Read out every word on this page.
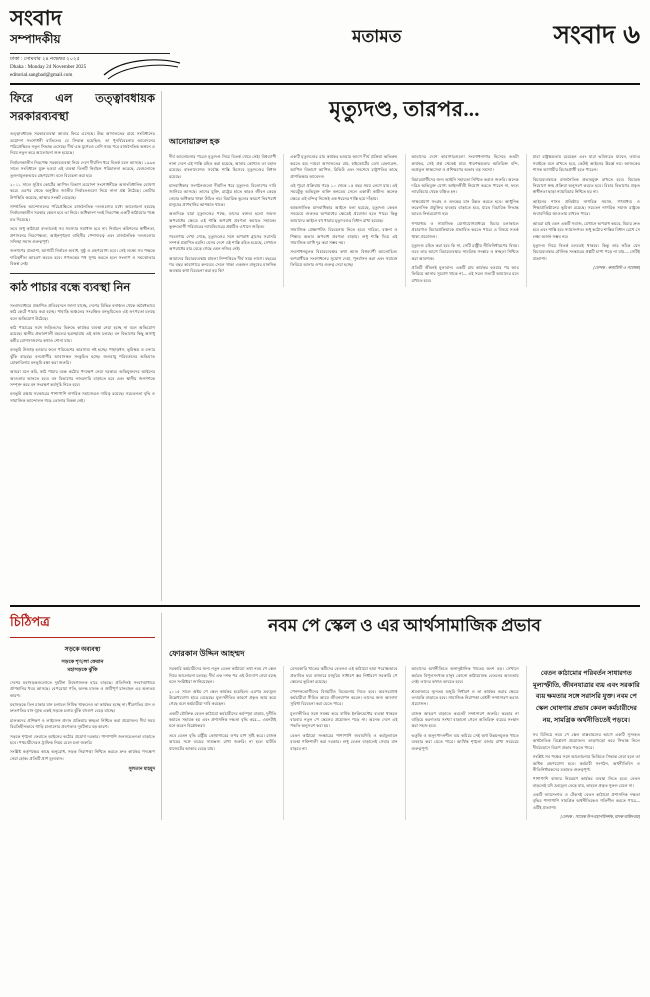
সংবাদ
সম্পাদকীয়
ঢাকা : সোমবার ২৪ নভেম্বর ২০২৫
Dhaka : Monday 24 November 2025
editorial.sangbad@gmail.com
মতামত	সংবাদ ৬
ফিরে এল তত্ত্বাবধায়ক সরকারব্যবস্থা

তত্ত্বাবধায়ক সরকারব্যবস্থা আবার ফিরে এসেছে। উচ্চ আদালতের রায়ে সংবিধানের ত্রয়োদশ সংশোধনী বাতিলের যে সিদ্ধান্ত হয়েছিল, তা পুনর্বিবেচনার আবেদনের পরিপ্রেক্ষিতে নতুন সিদ্ধান্ত এসেছে। দীর্ঘ এক যুগেরও বেশি সময় পরে রাজনৈতিক অঙ্গনে এ নিয়ে নতুন করে আলোচনা শুরু হয়েছে।

নির্বাচনকালীন নিরপেক্ষ সরকারব্যবস্থা নিয়ে দেশে দীর্ঘদিন ধরে বিতর্ক চলে আসছে। ১৯৯৬ সালে সংবিধানে যুক্ত হওয়া এই ব্যবস্থা তিনটি নির্বাচন পরিচালনা করেছে, যেগুলোকে তুলনামূলকভাবে গ্রহণযোগ্য বলে বিবেচনা করা হয়।

২০১১ সালে সুপ্রিম কোর্টের আপিল বিভাগ ত্রয়োদশ সংশোধনীকে অসাংবিধানিক ঘোষণা করে। এরপর থেকে অনুষ্ঠিত জাতীয় নির্বাচনগুলো নিয়ে নানা প্রশ্ন উঠেছে। ভোটার উপস্থিতি কমেছে, আস্থার সংকট বেড়েছে।

সাম্প্রতিক আন্দোলনের পরিপ্রেক্ষিতে রাজনৈতিক দলগুলোর মধ্যে আলোচনা হয়েছে নির্বাচনকালীন সরকার কেমন হবে তা নিয়ে। অধিকাংশ দলই নিরপেক্ষ একটি কাঠামোর পক্ষে মত দিয়েছে।

তবে শুধু কাঠামো বদলালেই সব সমস্যার সমাধান হবে না। নির্বাচন কমিশনের স্বাধীনতা, প্রশাসনের নিরপেক্ষতা, আইনশৃঙ্খলা বাহিনীর পেশাদারত্ব এবং রাজনৈতিক দলগুলোর সদিচ্ছা সমান গুরুত্বপূর্ণ।

জনগণের প্রত্যাশা, আগামী নির্বাচন অবাধ, সুষ্ঠু ও গ্রহণযোগ্য হবে। সেই লক্ষ্যে সব পক্ষকে দায়িত্বশীল আচরণ করতে হবে। গণতন্ত্রের পথ সুগম করতে হলে সংলাপ ও সমঝোতার বিকল্প নেই।

কাঠ পাচার বন্ধে ব্যবস্থা নিন

সংবাদমাধ্যমে প্রকাশিত প্রতিবেদনে জানা যাচ্ছে, দেশের বিভিন্ন বনাঞ্চল থেকে অবৈধভাবে কাঠ কেটে পাচার করা হচ্ছে। পাহাড়ি অঞ্চলের সংরক্ষিত বনভূমিতেও এই তৎপরতা চলছে বলে অভিযোগ উঠেছে।

কাঠ পাচারের সঙ্গে জড়িতদের বিরুদ্ধে কার্যকর ব্যবস্থা নেয়া হচ্ছে না বলে অভিযোগ রয়েছে। স্থানীয় প্রভাবশালী মহলের ছত্রচ্ছায়ায় এই কাজ চলছে। বন বিভাগের কিছু অসাধু কর্মীর যোগসাজশের কথাও শোনা যায়।

বনভূমি উজাড় হওয়ার ফলে পরিবেশের ভারসাম্য নষ্ট হচ্ছে। পাহাড়ধস, ভূমিক্ষয় ও বন্যার ঝুঁকি বাড়ছে। বন্যপ্রাণীর আবাসস্থল সংকুচিত হচ্ছে। জলবায়ু পরিবর্তনের অভিঘাত মোকাবিলায় বনভূমি রক্ষা করা জরুরি।

আমরা মনে করি, কাঠ পাচার বন্ধে কঠোর পদক্ষেপ নেয়া দরকার। অভিযুক্তদের আইনের আওতায় আনতে হবে। বন বিভাগের নজরদারি বাড়াতে হবে এবং স্থানীয় জনগণকে সম্পৃক্ত করে বন সংরক্ষণ কর্মসূচি নিতে হবে।

বনভূমি রক্ষায় সরকারের পাশাপাশি নাগরিক সমাজেরও দায়িত্ব রয়েছে। সচেতনতা বৃদ্ধি ও সামাজিক আন্দোলন গড়ে তোলার বিকল্প নেই।

মৃত্যুদণ্ড, তারপর...
আনোয়ারুল হক

দীর্ঘ আলোচনার পরেও মৃত্যুদণ্ড নিয়ে বিতর্ক থেমে নেই। বিশ্বব্যাপী নানা দেশে এই শাস্তি রহিত করা হয়েছে, আবার কোথাও তা বহাল রয়েছে। বাংলাদেশেও সর্বোচ্চ শাস্তি হিসেবে মৃত্যুদণ্ডের বিধান রয়েছে।

মানবাধিকার সংগঠনগুলো দীর্ঘদিন ধরে মৃত্যুদণ্ড বিলোপের দাবি জানিয়ে আসছে। তাদের যুক্তি, রাষ্ট্রের হাতে কারও জীবন কেড়ে নেয়ার অধিকার থাকা উচিত নয়। বিচারিক ভুলের কারণে নিরপরাধ মানুষের প্রাণহানির আশঙ্কাও থাকে।

অন্যদিকে যারা মৃত্যুদণ্ডের পক্ষে, তাদের বক্তব্য হলো জঘন্য অপরাধের ক্ষেত্রে এই শাস্তি অপরাধ প্রবণতা কমাতে সহায়ক। ভুক্তভোগী পরিবারের ন্যায়বিচারের প্রশ্নটিও এখানে জড়িত।

গবেষণায় দেখা গেছে, মৃত্যুদণ্ডের সঙ্গে অপরাধ হ্রাসের সরাসরি সম্পর্ক প্রমাণিত হয়নি। যেসব দেশে এই শাস্তি রহিত হয়েছে, সেখানে অপরাধের হার বেড়ে গেছে এমন নজির নেই।

আমাদের বিচারব্যবস্থায় মামলা নিষ্পত্তিতে দীর্ঘ সময় লাগে। বছরের পর বছর কারাগারে কনডেম সেলে থাকা একজন মানুষের মানসিক অবস্থার কথা বিবেচনা করা হয় কি?

একটি মৃত্যুদণ্ডের রায় কার্যকর হওয়ার আগে দীর্ঘ প্রক্রিয়া অতিক্রম করতে হয়। দায়রা আদালতের রায়, হাইকোর্টের ডেথ রেফারেন্স, আপিল বিভাগে আপিল, রিভিউ এবং সবশেষে রাষ্ট্রপতির কাছে প্রাণভিক্ষার আবেদন।

এই পুরো প্রক্রিয়ায় গড়ে ১০ থেকে ১৫ বছর সময় লেগে যায়। এই সময়টুকু অভিযুক্ত ব্যক্তি কনডেম সেলে একাকী কাটান। অনেক ক্ষেত্রে এই বন্দিত্ব নিজেই এক ধরনের শাস্তি হয়ে দাঁড়ায়।

আন্তর্জাতিক মানবাধিকার আইনে বলা হয়েছে, মৃত্যুদণ্ড কেবল সবচেয়ে গুরুতর অপরাধের ক্ষেত্রেই প্রযোজ্য হতে পারে। কিন্তু আমাদের আইনে বহু ধারায় মৃত্যুদণ্ডের বিধান রাখা হয়েছে।

সামাজিক প্রেক্ষাপটও বিবেচনায় নিতে হবে। দারিদ্র্য, বঞ্চনা ও শিক্ষার অভাব অপরাধ প্রবণতা বাড়ায়। শুধু শাস্তি দিয়ে এই সামাজিক ব্যাধি দূর করা সম্ভব নয়।

সংশোধনমূলক বিচারব্যবস্থার কথা আজ বিশ্বব্যাপী আলোচিত। অপরাধীকে সংশোধনের সুযোগ দেয়া, পুনর্বাসন করা এবং সমাজে ফিরিয়ে আনার ওপর গুরুত্ব দেয়া হচ্ছে।

আমাদের দেশে কারাগারগুলো সংশোধনাগার হিসেবে কতটা কার্যকর, সেই প্রশ্ন থেকেই যায়। ধারণক্ষমতার অতিরিক্ত বন্দি, অপ্রতুল স্বাস্থ্যসেবা ও প্রশিক্ষণের অভাব বড় সমস্যা।

বিচারপ্রার্থীদের জন্য আইনি সহায়তা নিশ্চিত করাও জরুরি। অনেক দরিদ্র অভিযুক্ত যোগ্য আইনজীবী নিয়োগ করতে পারেন না, ফলে ন্যায়বিচার থেকে বঞ্চিত হন।

সাক্ষ্যপ্রমাণ সংগ্রহ ও তদন্তের মান উন্নত করতে হবে। আধুনিক ফরেনসিক প্রযুক্তির ব্যবহার বাড়াতে হবে, যাতে বিচারিক সিদ্ধান্ত আরও নির্ভরযোগ্য হয়।

গণমাধ্যম ও সামাজিক যোগাযোগমাধ্যমে বিচার চলাকালে প্রচারণাও বিচারপ্রক্রিয়াকে প্রভাবিত করতে পারে। এ বিষয়ে সতর্ক থাকা প্রয়োজন।

মৃত্যুদণ্ড রহিত করা হবে কি না, সেটি রাষ্ট্রীয় নীতিনির্ধারণের বিষয়। তবে তার আগে বিচারব্যবস্থার সামগ্রিক সংস্কার ও স্বচ্ছতা নিশ্চিত করা আবশ্যক।

প্রতিটি জীবনই মূল্যবান। একটি রায় কার্যকর হওয়ার পর আর ফিরিয়ে আনার সুযোগ থাকে না— এই সরল সত্যটি আমাদের মনে রাখতে হবে।

যারা রাষ্ট্রক্ষমতায় রয়েছেন এবং যারা ভবিষ্যতে যাবেন, তাদের সবাইকে মনে রাখতে হবে, কেউই আইনের ঊর্ধ্বে নয়। আজকের শাসক আগামীর বিচারপ্রার্থী হতে পারেন।

বিচারব্যবস্থাকে রাজনৈতিক প্রভাবমুক্ত রাখতে হবে। বিচারক নিয়োগে স্বচ্ছ প্রক্রিয়া অনুসরণ করতে হবে। বিচার বিভাগের প্রকৃত স্বাধীনতা ছাড়া ন্যায়বিচার নিশ্চিত হয় না।

আইনের শাসন প্রতিষ্ঠায় নাগরিক সমাজ, গণমাধ্যম ও শিক্ষাপ্রতিষ্ঠানের ভূমিকা রয়েছে। সচেতন নাগরিক সমাজ রাষ্ট্রকে জবাবদিহির আওতায় রাখতে পারে।

আমরা চাই এমন একটি সমাজ, যেখানে অপরাধ কমবে, বিচার দ্রুত হবে এবং শাস্তি হবে ন্যায়সংগত। শুধু কঠোর শাস্তির বিধান রেখে সে লক্ষ্য অর্জন সম্ভব নয়।

মৃত্যুদণ্ড নিয়ে বিতর্ক চলতেই থাকবে। কিন্তু তার ফাঁকে যেন বিচারব্যবস্থার মৌলিক সংস্কারের প্রশ্নটি চাপা পড়ে না যায়— সেটিই প্রত্যাশা।

[লেখক : কলামিস্ট ও গবেষক]
চিঠিপত্র
সড়কে অব্যবস্থা
সড়কে শৃঙ্খলা ফেরান
মহাসড়কে ঝুঁকি

দেশের মহাসড়কগুলোতে দুর্ঘটনা উদ্বেগজনক হারে বাড়ছে। প্রতিদিনই সংবাদমাধ্যমে প্রাণহানির খবর আসছে। বেপরোয়া গতি, অদক্ষ চালক ও ত্রুটিপূর্ণ যানবাহন এর অন্যতম কারণ।

মহাসড়কে তিন চাকার যান চলাচল নিষিদ্ধ থাকলেও তা কার্যকর হচ্ছে না। ধীরগতির যান ও দ্রুতগতির বাস-ট্রাক একই সড়কে চলায় ঝুঁকি বহুগুণ বেড়ে যাচ্ছে।

চালকদের প্রশিক্ষণ ও লাইসেন্স প্রদান প্রক্রিয়ায় স্বচ্ছতা নিশ্চিত করা প্রয়োজন। দীর্ঘ সময় বিরতিহীনভাবে গাড়ি চালানোর প্রবণতাও দুর্ঘটনার বড় কারণ।

সড়কে শৃঙ্খলা ফেরাতে আইনের কঠোর প্রয়োগ দরকার। পাশাপাশি জনসচেতনতা বাড়াতে হবে। পথচারীদেরও ট্রাফিক নিয়ম মেনে চলা জরুরি।

সংশ্লিষ্ট কর্তৃপক্ষের কাছে অনুরোধ, সড়ক নিরাপত্তা নিশ্চিত করতে দ্রুত কার্যকর পদক্ষেপ নেয়া হোক। প্রতিটি প্রাণ মূল্যবান।

সুলতান মাহমুদ
নবম পে স্কেল ও এর আর্থসামাজিক প্রভাব
ফোরকান উদ্দিন আহম্মদ

সরকারি কর্মচারীদের জন্য নতুন বেতন কাঠামো তথা নবম পে স্কেল নিয়ে আলোচনা চলছে। দীর্ঘ এক দশক পর এই উদ্যোগ নেয়া হচ্ছে বলে সংশ্লিষ্টরা জানিয়েছেন।

২০১৫ সালে অষ্টম পে স্কেল কার্যকর হয়েছিল। এরপর দ্রব্যমূল্য উল্লেখযোগ্য হারে বেড়েছে। মূল্যস্ফীতির কারণে প্রকৃত আয় কমে গেছে বলে কর্মচারীরা দাবি করছেন।

একটি যৌক্তিক বেতন কাঠামো কর্মচারীদের কর্মস্পৃহা বাড়ায়, দুর্নীতি কমাতে সহায়ক হয় এবং প্রশাসনিক দক্ষতা বৃদ্ধি করে— এমনটাই মনে করেন বিশ্লেষকরা।

তবে বেতন বৃদ্ধি রাষ্ট্রীয় কোষাগারের ওপর চাপ সৃষ্টি করে। রাজস্ব আয়ের সঙ্গে ব্যয়ের সামঞ্জস্য রাখা জরুরি। না হলে ঘাটতি বাজেটের আকার বেড়ে যায়।

বেসরকারি খাতের কর্মীদের বেতনও এই কাঠামো দ্বারা পরোক্ষভাবে প্রভাবিত হয়। বাজারে মজুরির সাধারণ স্তর নির্ধারণে সরকারি পে স্কেলের ভূমিকা রয়েছে।

পেনশনভোগীদের বিষয়টিও বিবেচনায় নিতে হবে। অবসরপ্রাপ্ত কর্মচারীরা সীমিত আয়ে জীবনযাপন করেন। তাদের জন্য আলাদা সুবিধা বিবেচনা করা যেতে পারে।

মূল্যস্ফীতির সঙ্গে সমন্বয় করে বার্ষিক ইনক্রিমেন্টের ব্যবস্থা থাকলে বারবার নতুন পে স্কেলের প্রয়োজন পড়ে না। অনেক দেশে এই পদ্ধতি অনুসরণ করা হয়।

বেতন কাঠামো সংস্কারের পাশাপাশি জবাবদিহি ও কর্মমূল্যায়ন ব্যবস্থা শক্তিশালী করা দরকার। শুধু বেতন বাড়ালেই সেবার মান বাড়বে না।

আমাদের অর্থনীতিতে অনানুষ্ঠানিক খাতের অংশ বড়। সেখানে কর্মরত বিপুলসংখ্যক মানুষ কোনো কাঠামোবদ্ধ বেতনের আওতায় নেই। তাদের কথাও ভাবতে হবে।

শ্রমবাজারে ন্যূনতম মজুরি নির্ধারণ ও তা কার্যকর করার ক্ষেত্রে তদারকি বাড়াতে হবে। সামাজিক নিরাপত্তা বেষ্টনী সম্প্রসারণ করাও প্রয়োজন।

রাজস্ব আহরণ বাড়াতে করনেট সম্প্রসারণ জরুরি। করহার না বাড়িয়ে করদাতার সংখ্যা বাড়ানো গেলে অতিরিক্ত ব্যয়ের সংস্থান করা সহজ হবে।

ভর্তুকি ও অনুৎপাদনশীল ব্যয় কমিয়ে সেই অর্থ উন্নয়নমূলক খাতে ব্যবহার করা যেতে পারে। আর্থিক শৃঙ্খলা বজায় রাখা সবচেয়ে গুরুত্বপূর্ণ।

বেতন কাঠামোর পরিবর্তন সাধারণত মূল্যস্ফীতি, জীবনযাত্রার ব্যয় এবং সরকারি ব্যয় ক্ষমতার সঙ্গে সরাসরি যুক্ত। নবম পে স্কেল ঘোষণার প্রভাব কেবল কর্মচারীদের নয়, সামগ্রিক অর্থনীতিতেই পড়বে।

সব মিলিয়ে নবম পে স্কেল বাস্তবায়নের আগে একটি সুসংহত অর্থনৈতিক বিশ্লেষণ প্রয়োজন। তাড়াহুড়ো করে সিদ্ধান্ত নিলে দীর্ঘমেয়াদে বিরূপ প্রভাব পড়তে পারে।

সংশ্লিষ্ট সব পক্ষের সঙ্গে আলোচনার ভিত্তিতে সিদ্ধান্ত নেয়া হলে তা অধিক গ্রহণযোগ্য হবে। কর্মচারী সংগঠন, অর্থনীতিবিদ ও নীতিনির্ধারকদের মতামত গুরুত্বপূর্ণ।

পাশাপাশি বাজার নিয়ন্ত্রণে কার্যকর ব্যবস্থা নিতে হবে। বেতন বাড়লেই যদি দ্রব্যমূল্য বেড়ে যায়, তাহলে প্রকৃত সুফল মেলে না।

একটি ন্যায়সংগত ও টেকসই বেতন কাঠামো প্রশাসনিক দক্ষতা বৃদ্ধির পাশাপাশি সামগ্রিক অর্থনীতিকেও গতিশীল করতে পারে— এটিই প্রত্যাশা।

[লেখক : সাবেক উপ-মহাপরিদর্শক, মাদক অধিদপ্তর]
